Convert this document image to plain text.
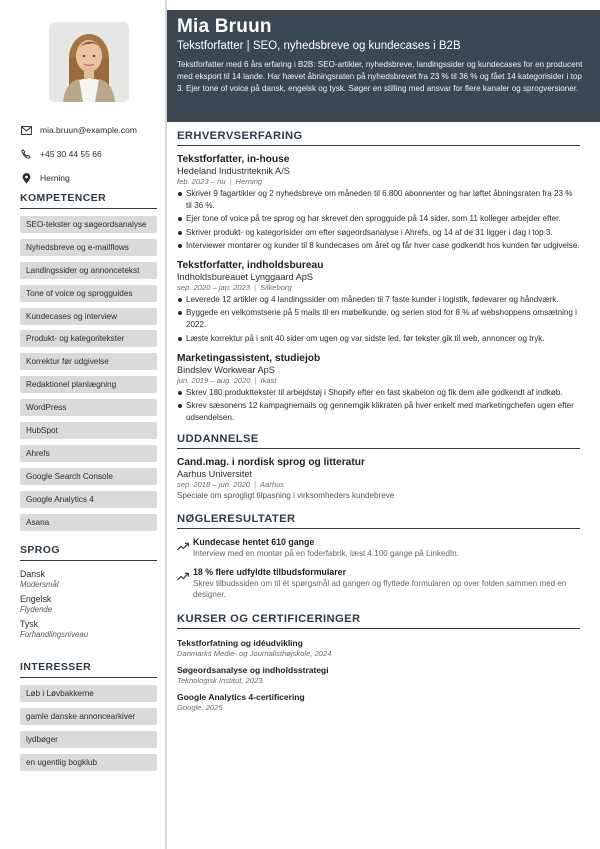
mia.bruun@example.com
+45 30 44 55 66
Herning
KOMPETENCER
SEO-tekster og søgeordsanalyse
Nyhedsbreve og e-mailflows
Landingssider og annoncetekst
Tone of voice og sprogguides
Kundecases og interview
Produkt- og kategoritekster
Korrektur før udgivelse
Redaktionel planlægning
WordPress
HubSpot
Ahrefs
Google Search Console
Google Analytics 4
Asana
SPROG
Dansk
Modersmål
Engelsk
Flydende
Tysk
Forhandlingsniveau
INTERESSER
Løb i Løvbakkerne
gamle danske annoncearkiver
lydbøger
en ugentlig bogklub
Mia Bruun
Tekstforfatter | SEO, nyhedsbreve og kundecases i B2B
Tekstforfatter med 6 års erfaring i B2B: SEO-artikler, nyhedsbreve, landingssider og kundecases for en producent med eksport til 14 lande. Har hævet åbningsraten på nyhedsbrevet fra 23 % til 36 % og fået 14 kategorisider i top 3. Ejer tone of voice på dansk, engelsk og tysk. Søger en stilling med ansvar for flere kanaler og sprogversioner.
ERHVERVSERFARING
Tekstforfatter, in-house
Hedeland Industriteknik A/S
feb. 2023 – nu | Herning
Skriver 9 fagartikler og 2 nyhedsbreve om måneden til 6.800 abonnenter og har løftet åbningsraten fra 23 % til 36 %.
Ejer tone of voice på tre sprog og har skrevet den sprogguide på 14 sider, som 11 kolleger arbejder efter.
Skriver produkt- og kategorisider om efter søgeordsanalyse i Ahrefs, og 14 af de 31 ligger i dag i top 3.
Interviewer montører og kunder til 8 kundecases om året og får hver case godkendt hos kunden før udgivelse.
Tekstforfatter, indholdsbureau
Indholdsbureauet Lynggaard ApS
sep. 2020 – jan. 2023 | Silkeborg
Leverede 12 artikler og 4 landingssider om måneden til 7 faste kunder i logistik, fødevarer og håndværk.
Byggede en velkomstserie på 5 mails til en møbelkunde, og serien stod for 8 % af webshoppens omsætning i 2022.
Læste korrektur på i snit 40 sider om ugen og var sidste led, før tekster gik til web, annoncer og tryk.
Marketingassistent, studiejob
Bindslev Workwear ApS
jun. 2019 – aug. 2020 | Ikast
Skrev 180 produkttekster til arbejdstøj i Shopify efter en fast skabelon og fik dem alle godkendt af indkøb.
Skrev sæsonens 12 kampagnemails og gennemgik klikraten på hver enkelt med marketingchefen ugen efter udsendelsen.
UDDANNELSE
Cand.mag. i nordisk sprog og litteratur
Aarhus Universitet
sep. 2018 – jun. 2020 | Aarhus
Speciale om sprogligt tilpasning i virksomheders kundebreve
NØGLERESULTATER
Kundecase hentet 610 gange
Interview med en montør på en foderfabrik, læst 4.100 gange på LinkedIn.
18 % flere udfyldte tilbudsformularer
Skrev tilbudssiden om til ét spørgsmål ad gangen og flyttede formularen op over folden sammen med en designer.
KURSER OG CERTIFICERINGER
Tekstforfatning og idéudvikling
Danmarks Medie- og Journalisthøjskole, 2024
Søgeordsanalyse og indholdsstrategi
Teknologisk Institut, 2023
Google Analytics 4-certificering
Google, 2025
